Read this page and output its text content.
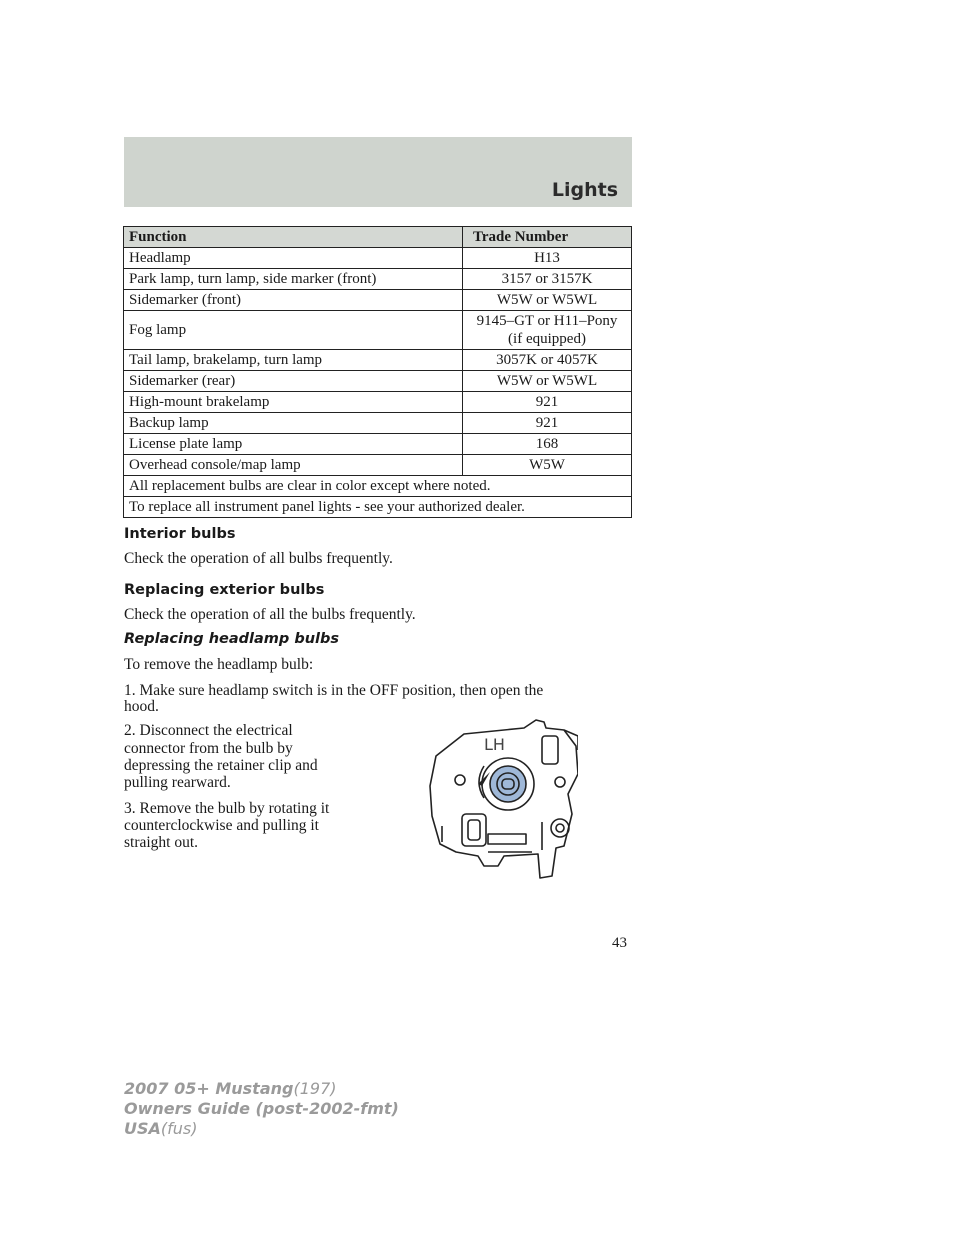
Lights
Function	Trade Number
Headlamp	H13
Park lamp, turn lamp, side marker (front)	3157 or 3157K
Sidemarker (front)	W5W or W5WL
Fog lamp	9145–GT or H11–Pony
(if equipped)

Tail lamp, brakelamp, turn lamp	3057K or 4057K
Sidemarker (rear)	W5W or W5WL
High-mount brakelamp	921
Backup lamp	921
License plate lamp	168
Overhead console/map lamp	W5W
All replacement bulbs are clear in color except where noted.	
To replace all instrument panel lights - see your authorized dealer.	
Interior bulbs
Check the operation of all bulbs frequently.
Replacing exterior bulbs
Check the operation of all the bulbs frequently.
Replacing headlamp bulbs
To remove the headlamp bulb:
1. Make sure headlamp switch is in the OFF position, then open the
hood.
2. Disconnect the electrical
connector from the bulb by
depressing the retainer clip and
pulling rearward.
3. Remove the bulb by rotating it
counterclockwise and pulling it
straight out.
LH
43
2007 05+ Mustang(197)
Owners Guide (post-2002-fmt)
USA(fus)
